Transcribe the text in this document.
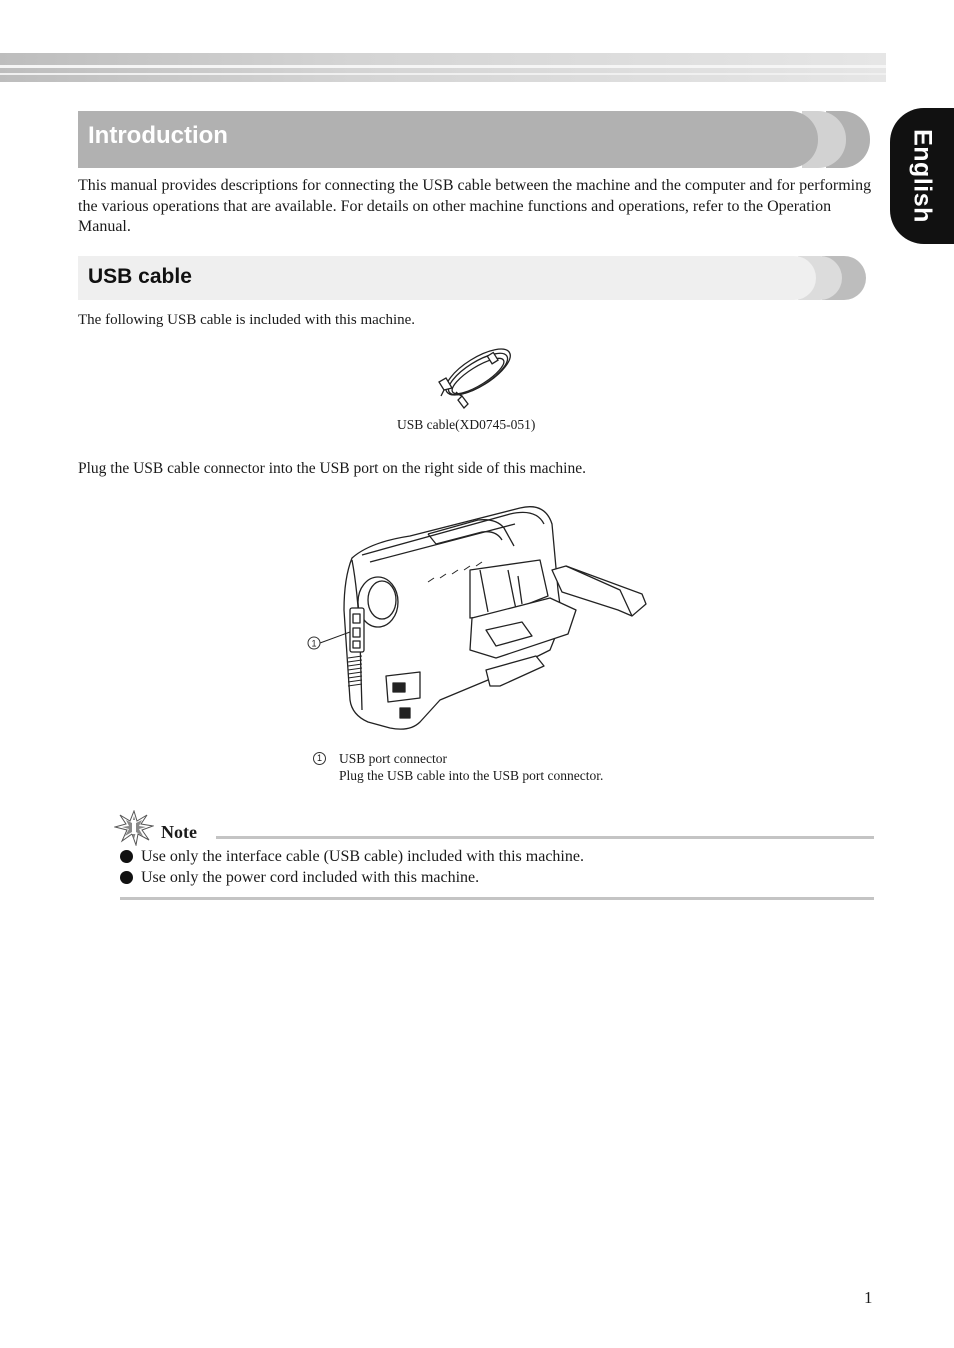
English
Introduction

This manual provides descriptions for connecting the USB cable between the machine and the computer and for performing the various operations that are available. For details on other machine functions and operations, refer to the Operation Manual.

USB cable

The following USB cable is included with this machine.

USB cable(XD0745-051)

Plug the USB cable connector into the USB port on the right side of this machine.

1
1 USB port connector

Plug the USB cable into the USB port connector.

Note

Use only the interface cable (USB cable) included with this machine.
Use only the power cord included with this machine.

1
